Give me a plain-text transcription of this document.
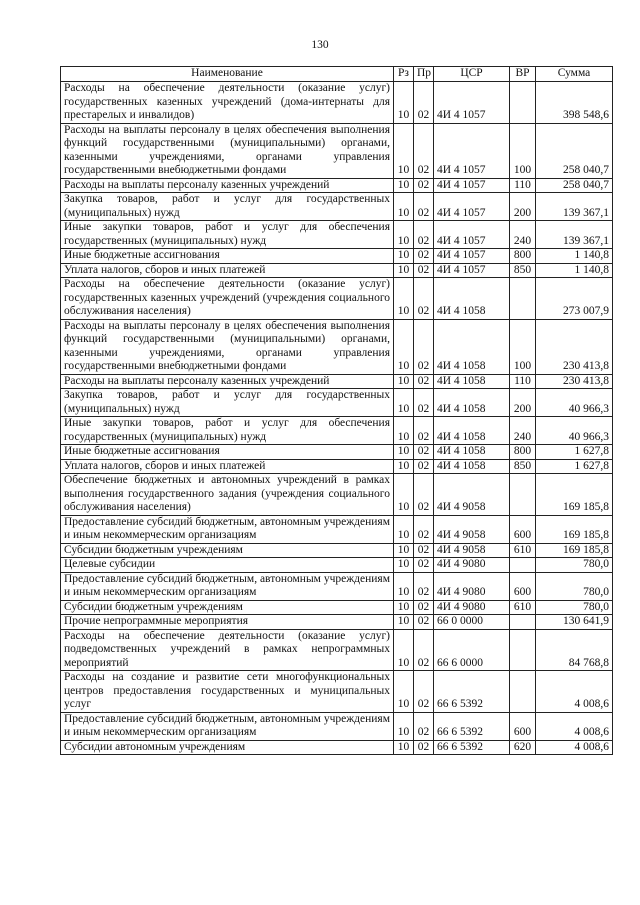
130
Наименование	Рз	Пр	ЦСР	ВР	Сумма
Расходы на обеспечение деятельности (оказание услуг) государственных казенных учреждений (дома-интернаты для престарелых и инвалидов)	10	02	4И 4 1057		398 548,6
Расходы на выплаты персоналу в целях обеспечения выполнения функций государственными (муниципальными) органами, казенными учреждениями, органами управления государственными внебюджетными фондами	10	02	4И 4 1057	100	258 040,7
Расходы на выплаты персоналу казенных учреждений	10	02	4И 4 1057	110	258 040,7
Закупка товаров, работ и услуг для государственных (муниципальных) нужд	10	02	4И 4 1057	200	139 367,1
Иные закупки товаров, работ и услуг для обеспечения государственных (муниципальных) нужд	10	02	4И 4 1057	240	139 367,1
Иные бюджетные ассигнования	10	02	4И 4 1057	800	1 140,8
Уплата налогов, сборов и иных платежей	10	02	4И 4 1057	850	1 140,8
Расходы на обеспечение деятельности (оказание услуг) государственных казенных учреждений (учреждения социального обслуживания населения)	10	02	4И 4 1058		273 007,9
Расходы на выплаты персоналу в целях обеспечения выполнения функций государственными (муниципальными) органами, казенными учреждениями, органами управления государственными внебюджетными фондами	10	02	4И 4 1058	100	230 413,8
Расходы на выплаты персоналу казенных учреждений	10	02	4И 4 1058	110	230 413,8
Закупка товаров, работ и услуг для государственных (муниципальных) нужд	10	02	4И 4 1058	200	40 966,3
Иные закупки товаров, работ и услуг для обеспечения государственных (муниципальных) нужд	10	02	4И 4 1058	240	40 966,3
Иные бюджетные ассигнования	10	02	4И 4 1058	800	1 627,8
Уплата налогов, сборов и иных платежей	10	02	4И 4 1058	850	1 627,8
Обеспечение бюджетных и автономных учреждений в рамках выполнения государственного задания (учреждения социального обслуживания населения)	10	02	4И 4 9058		169 185,8
Предоставление субсидий бюджетным, автономным учреждениям и иным некоммерческим организациям	10	02	4И 4 9058	600	169 185,8
Субсидии бюджетным учреждениям	10	02	4И 4 9058	610	169 185,8
Целевые субсидии	10	02	4И 4 9080		780,0
Предоставление субсидий бюджетным, автономным учреждениям и иным некоммерческим организациям	10	02	4И 4 9080	600	780,0
Субсидии бюджетным учреждениям	10	02	4И 4 9080	610	780,0
Прочие непрограммные мероприятия	10	02	66 0 0000		130 641,9
Расходы на обеспечение деятельности (оказание услуг) подведомственных учреждений в рамках непрограммных мероприятий	10	02	66 6 0000		84 768,8
Расходы на создание и развитие сети многофункциональных центров предоставления государственных и муниципальных услуг	10	02	66 6 5392		4 008,6
Предоставление субсидий бюджетным, автономным учреждениям и иным некоммерческим организациям	10	02	66 6 5392	600	4 008,6
Субсидии автономным учреждениям	10	02	66 6 5392	620	4 008,6
